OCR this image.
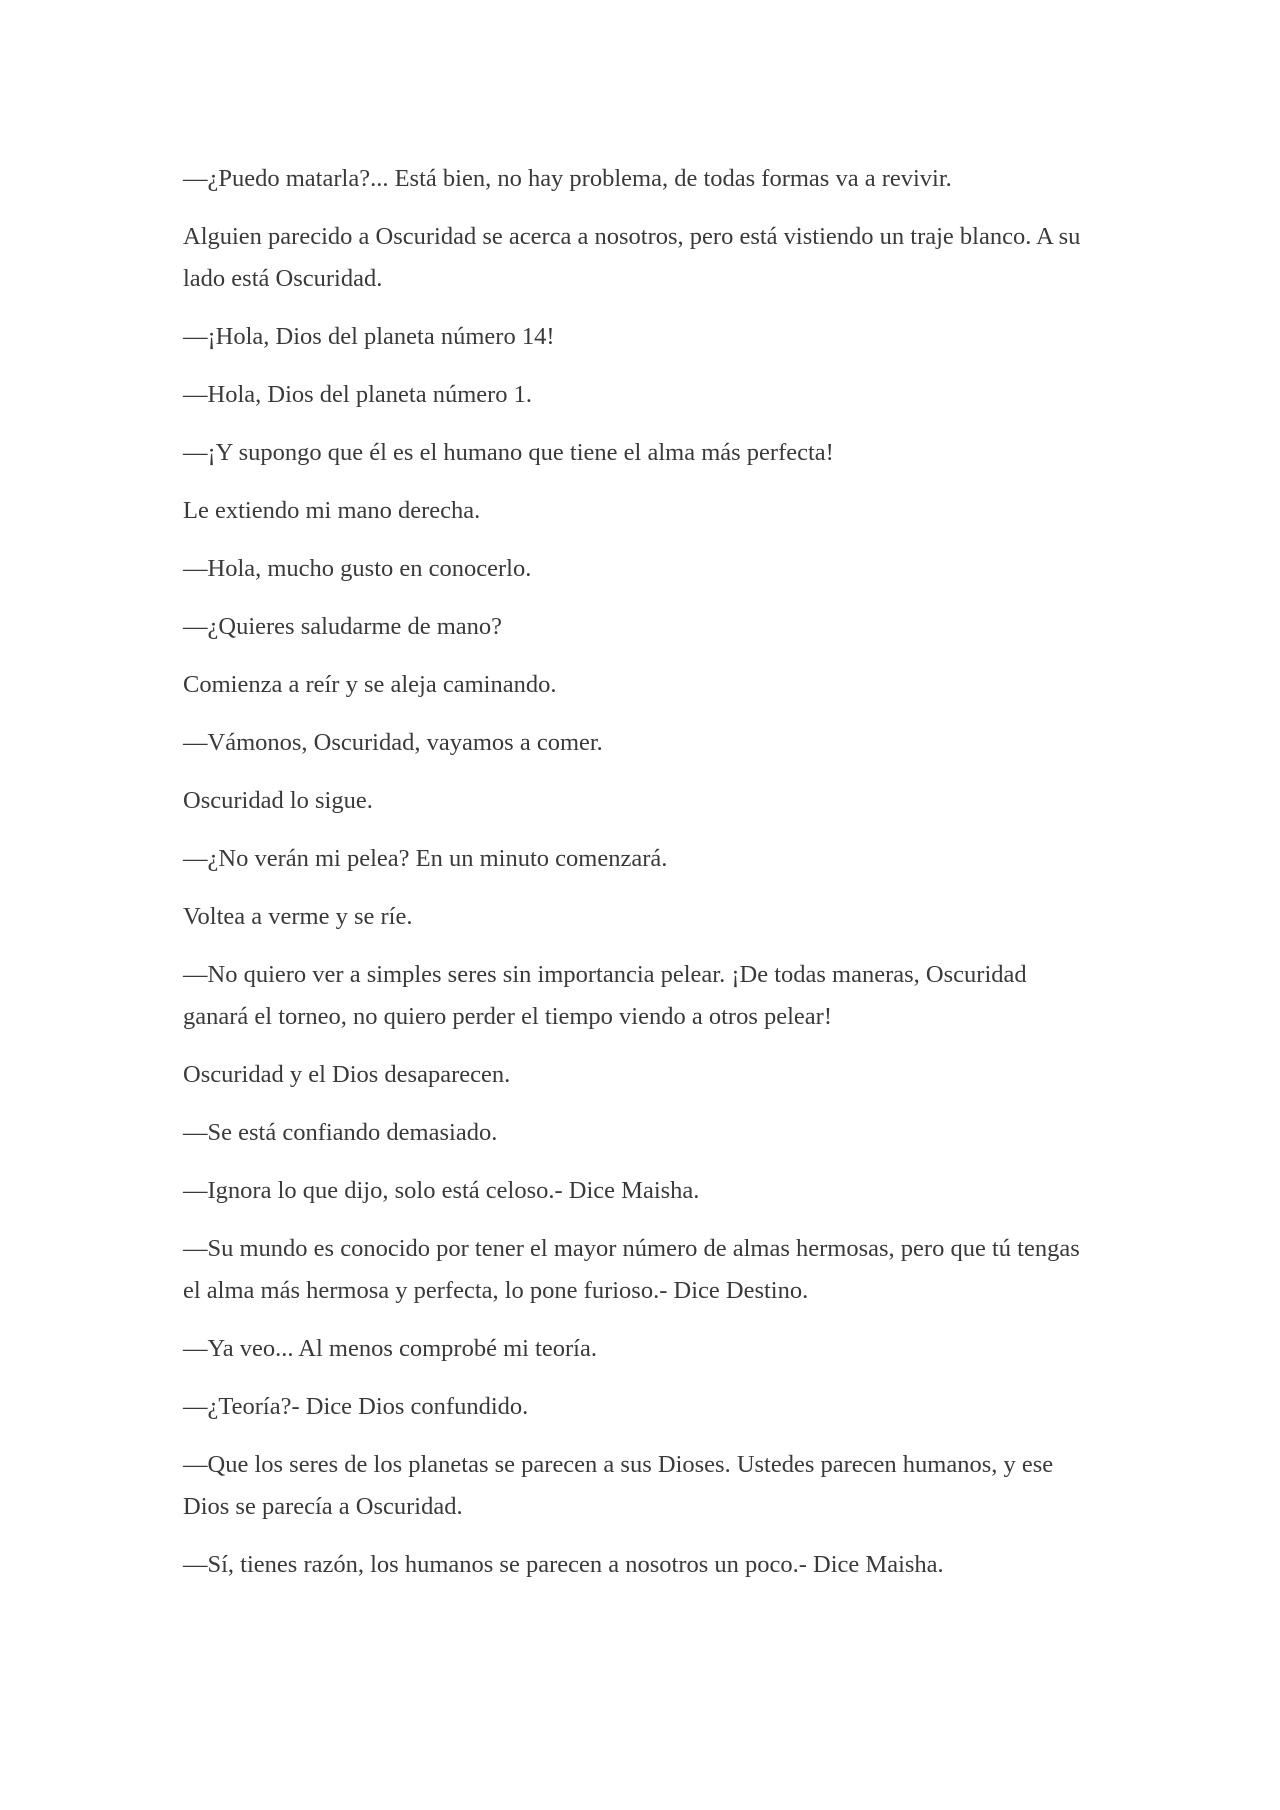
—¿Puedo matarla?... Está bien, no hay problema, de todas formas va a revivir.

Alguien parecido a Oscuridad se acerca a nosotros, pero está vistiendo un traje blanco. A su lado está Oscuridad.

—¡Hola, Dios del planeta número 14!

—Hola, Dios del planeta número 1.

—¡Y supongo que él es el humano que tiene el alma más perfecta!

Le extiendo mi mano derecha.

—Hola, mucho gusto en conocerlo.

—¿Quieres saludarme de mano?

Comienza a reír y se aleja caminando.

—Vámonos, Oscuridad, vayamos a comer.

Oscuridad lo sigue.

—¿No verán mi pelea? En un minuto comenzará.

Voltea a verme y se ríe.

—No quiero ver a simples seres sin importancia pelear. ¡De todas maneras, Oscuridad ganará el torneo, no quiero perder el tiempo viendo a otros pelear!

Oscuridad y el Dios desaparecen.

—Se está confiando demasiado.

—Ignora lo que dijo, solo está celoso.- Dice Maisha.

—Su mundo es conocido por tener el mayor número de almas hermosas, pero que tú tengas el alma más hermosa y perfecta, lo pone furioso.- Dice Destino.

—Ya veo... Al menos comprobé mi teoría.

—¿Teoría?- Dice Dios confundido.

—Que los seres de los planetas se parecen a sus Dioses. Ustedes parecen humanos, y ese Dios se parecía a Oscuridad.

—Sí, tienes razón, los humanos se parecen a nosotros un poco.- Dice Maisha.
